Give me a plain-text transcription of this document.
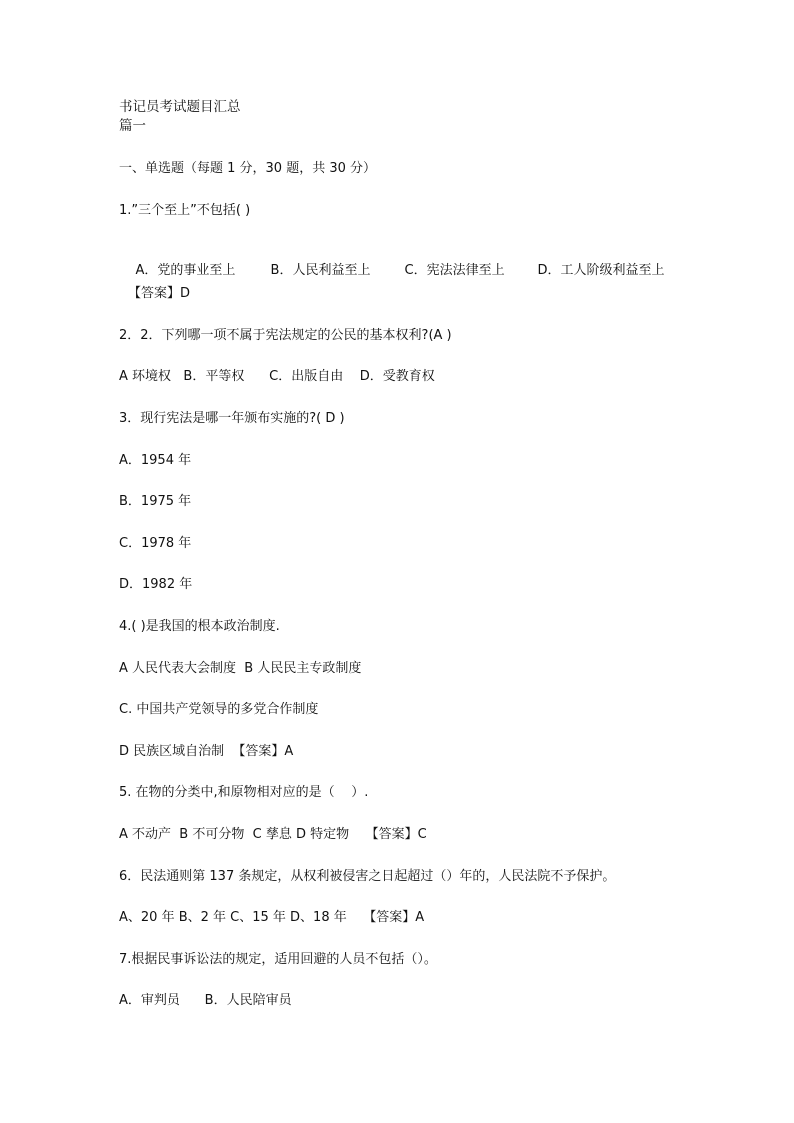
书记员考试题目汇总
篇一
一、单选题（每题 1 分，30 题，共 30 分）
1.”三个至上”不包括( )

A．党的事业至上	B．人民利益至上	C．宪法法律至上	D．工人阶级利益至上

【答案】D
2．2．下列哪一项不属于宪法规定的公民的基本权利?(A )
A 环境权   B．平等权      C．出版自由    D．受教育权
3．现行宪法是哪一年颁布实施的?( D )
A．1954 年
B．1975 年
C．1978 年
D．1982 年
4.( )是我国的根本政治制度.
A 人民代表大会制度  B 人民民主专政制度
C. 中国共产党领导的多党合作制度
D 民族区域自治制  【答案】A
5. 在物的分类中,和原物相对应的是（    ）.
A 不动产  B 不可分物  C 孳息 D 特定物    【答案】C
6．民法通则第 137 条规定，从权利被侵害之日起超过（）年的，人民法院不予保护。
A、20 年 B、2 年 C、15 年 D、18 年    【答案】A
7.根据民事诉讼法的规定，适用回避的人员不包括（）。
A．审判员      B．人民陪审员
